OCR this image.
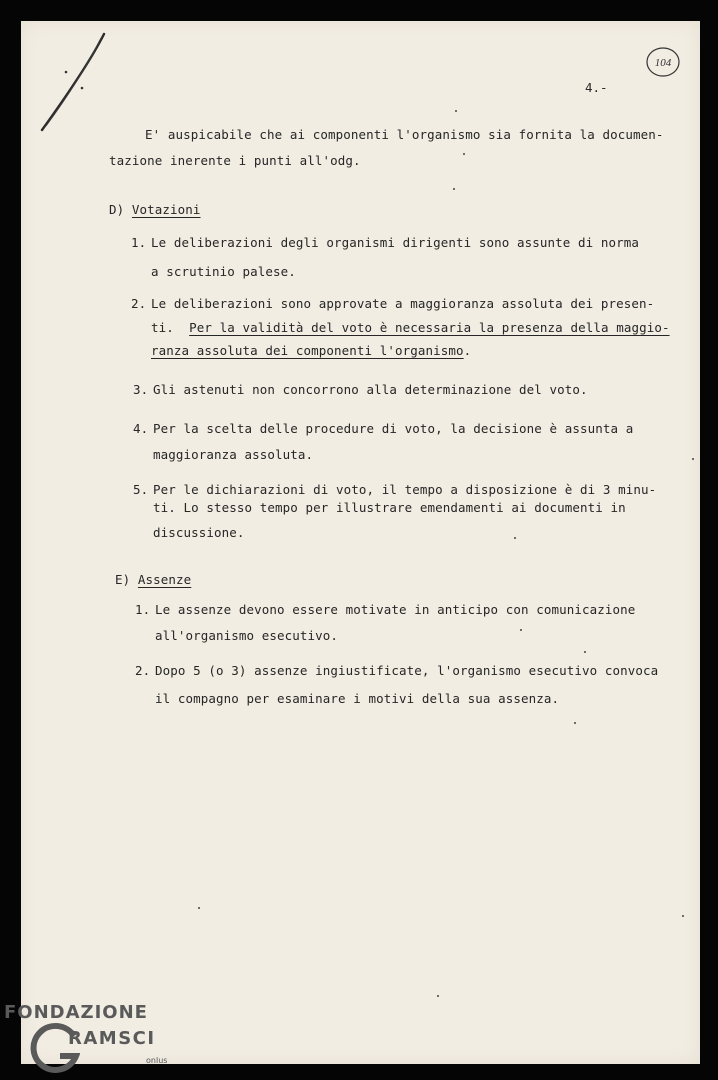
104
4.-
E' auspicabile che ai componenti l'organismo sia fornita la documen-
tazione inerente i punti all'odg.
D) Votazioni
1. Le deliberazioni degli organismi dirigenti sono assunte di norma
a scrutinio palese.
2. Le deliberazioni sono approvate a maggioranza assoluta dei presen-
ti. Per la validità del voto è necessaria la presenza della maggio-
ranza assoluta dei componenti l'organismo.
3. Gli astenuti non concorrono alla determinazione del voto.
4. Per la scelta delle procedure di voto, la decisione è assunta a
maggioranza assoluta.
5. Per le dichiarazioni di voto, il tempo a disposizione è di 3 minu-
ti. Lo stesso tempo per illustrare emendamenti ai documenti in
discussione.
E) Assenze
1. Le assenze devono essere motivate in anticipo con comunicazione
all'organismo esecutivo.
2. Dopo 5 (o 3) assenze ingiustificate, l'organismo esecutivo convoca
il compagno per esaminare i motivi della sua assenza.
FONDAZIONE
RAMSCI
onlus
